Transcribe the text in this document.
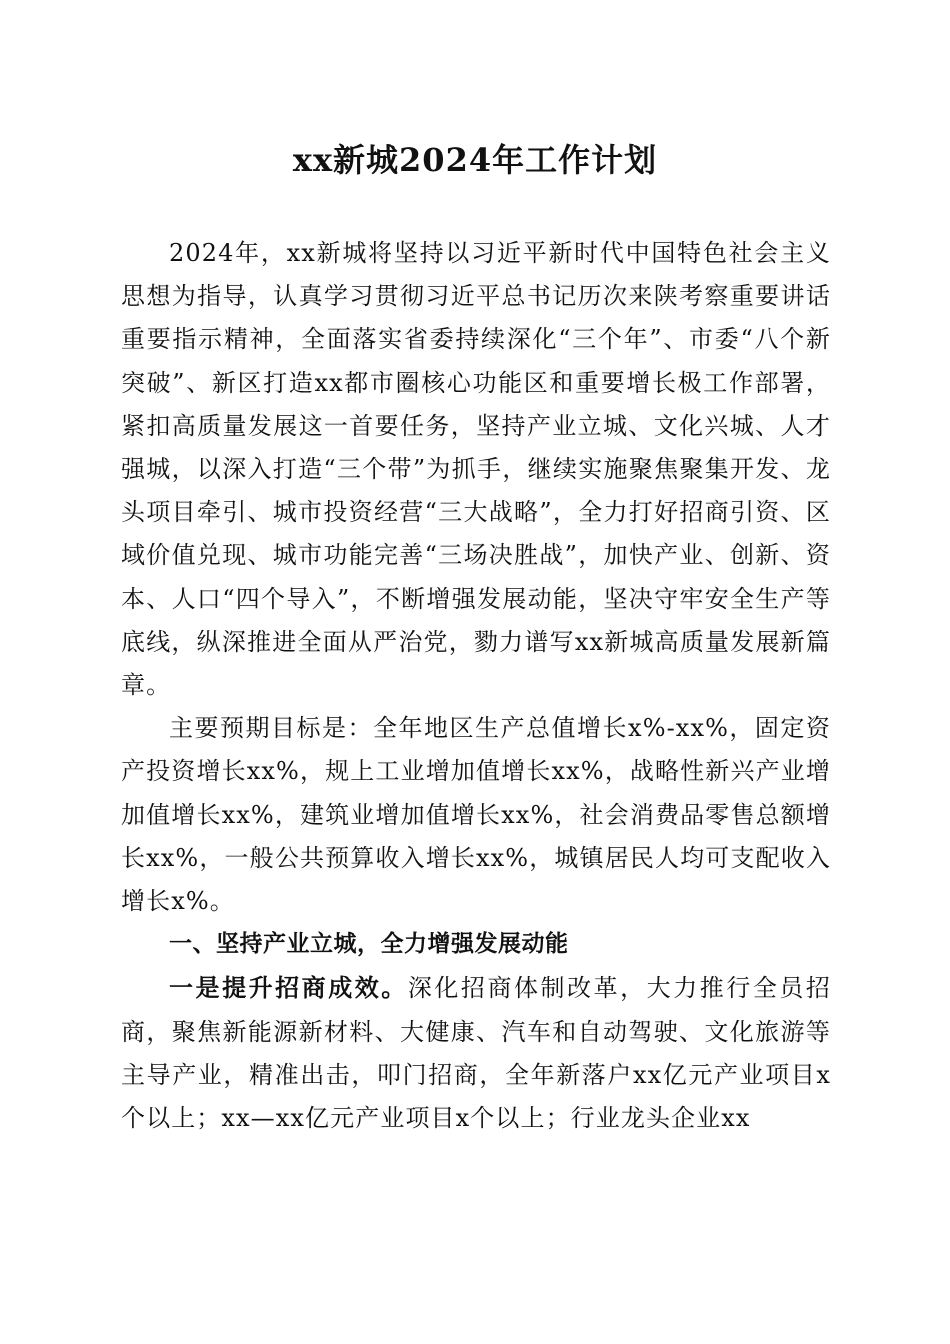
xx新城2024年工作计划

2024年，xx新城将坚持以习近平新时代中国特色社会主义思想为指导，认真学习贯彻习近平总书记历次来陕考察重要讲话重要指示精神，全面落实省委持续深化“三个年”、市委“八个新突破”、新区打造xx都市圈核心功能区和重要增长极工作部署，紧扣高质量发展这一首要任务，坚持产业立城、文化兴城、人才强城，以深入打造“三个带”为抓手，继续实施聚焦聚集开发、龙头项目牵引、城市投资经营“三大战略”，全力打好招商引资、区域价值兑现、城市功能完善“三场决胜战”，加快产业、创新、资本、人口“四个导入”，不断增强发展动能，坚决守牢安全生产等底线，纵深推进全面从严治党，勠力谱写xx新城高质量发展新篇章。

主要预期目标是：全年地区生产总值增长x%-xx%，固定资产投资增长xx%，规上工业增加值增长xx%，战略性新兴产业增加值增长xx%，建筑业增加值增长xx%，社会消费品零售总额增长xx%，一般公共预算收入增长xx%，城镇居民人均可支配收入增长x%。

一、坚持产业立城，全力增强发展动能

一是提升招商成效。深化招商体制改革，大力推行全员招商，聚焦新能源新材料、大健康、汽车和自动驾驶、文化旅游等主导产业，精准出击，叩门招商，全年新落户xx亿元产业项目x个以上；xx—xx亿元产业项目x个以上；行业龙头企业xx
